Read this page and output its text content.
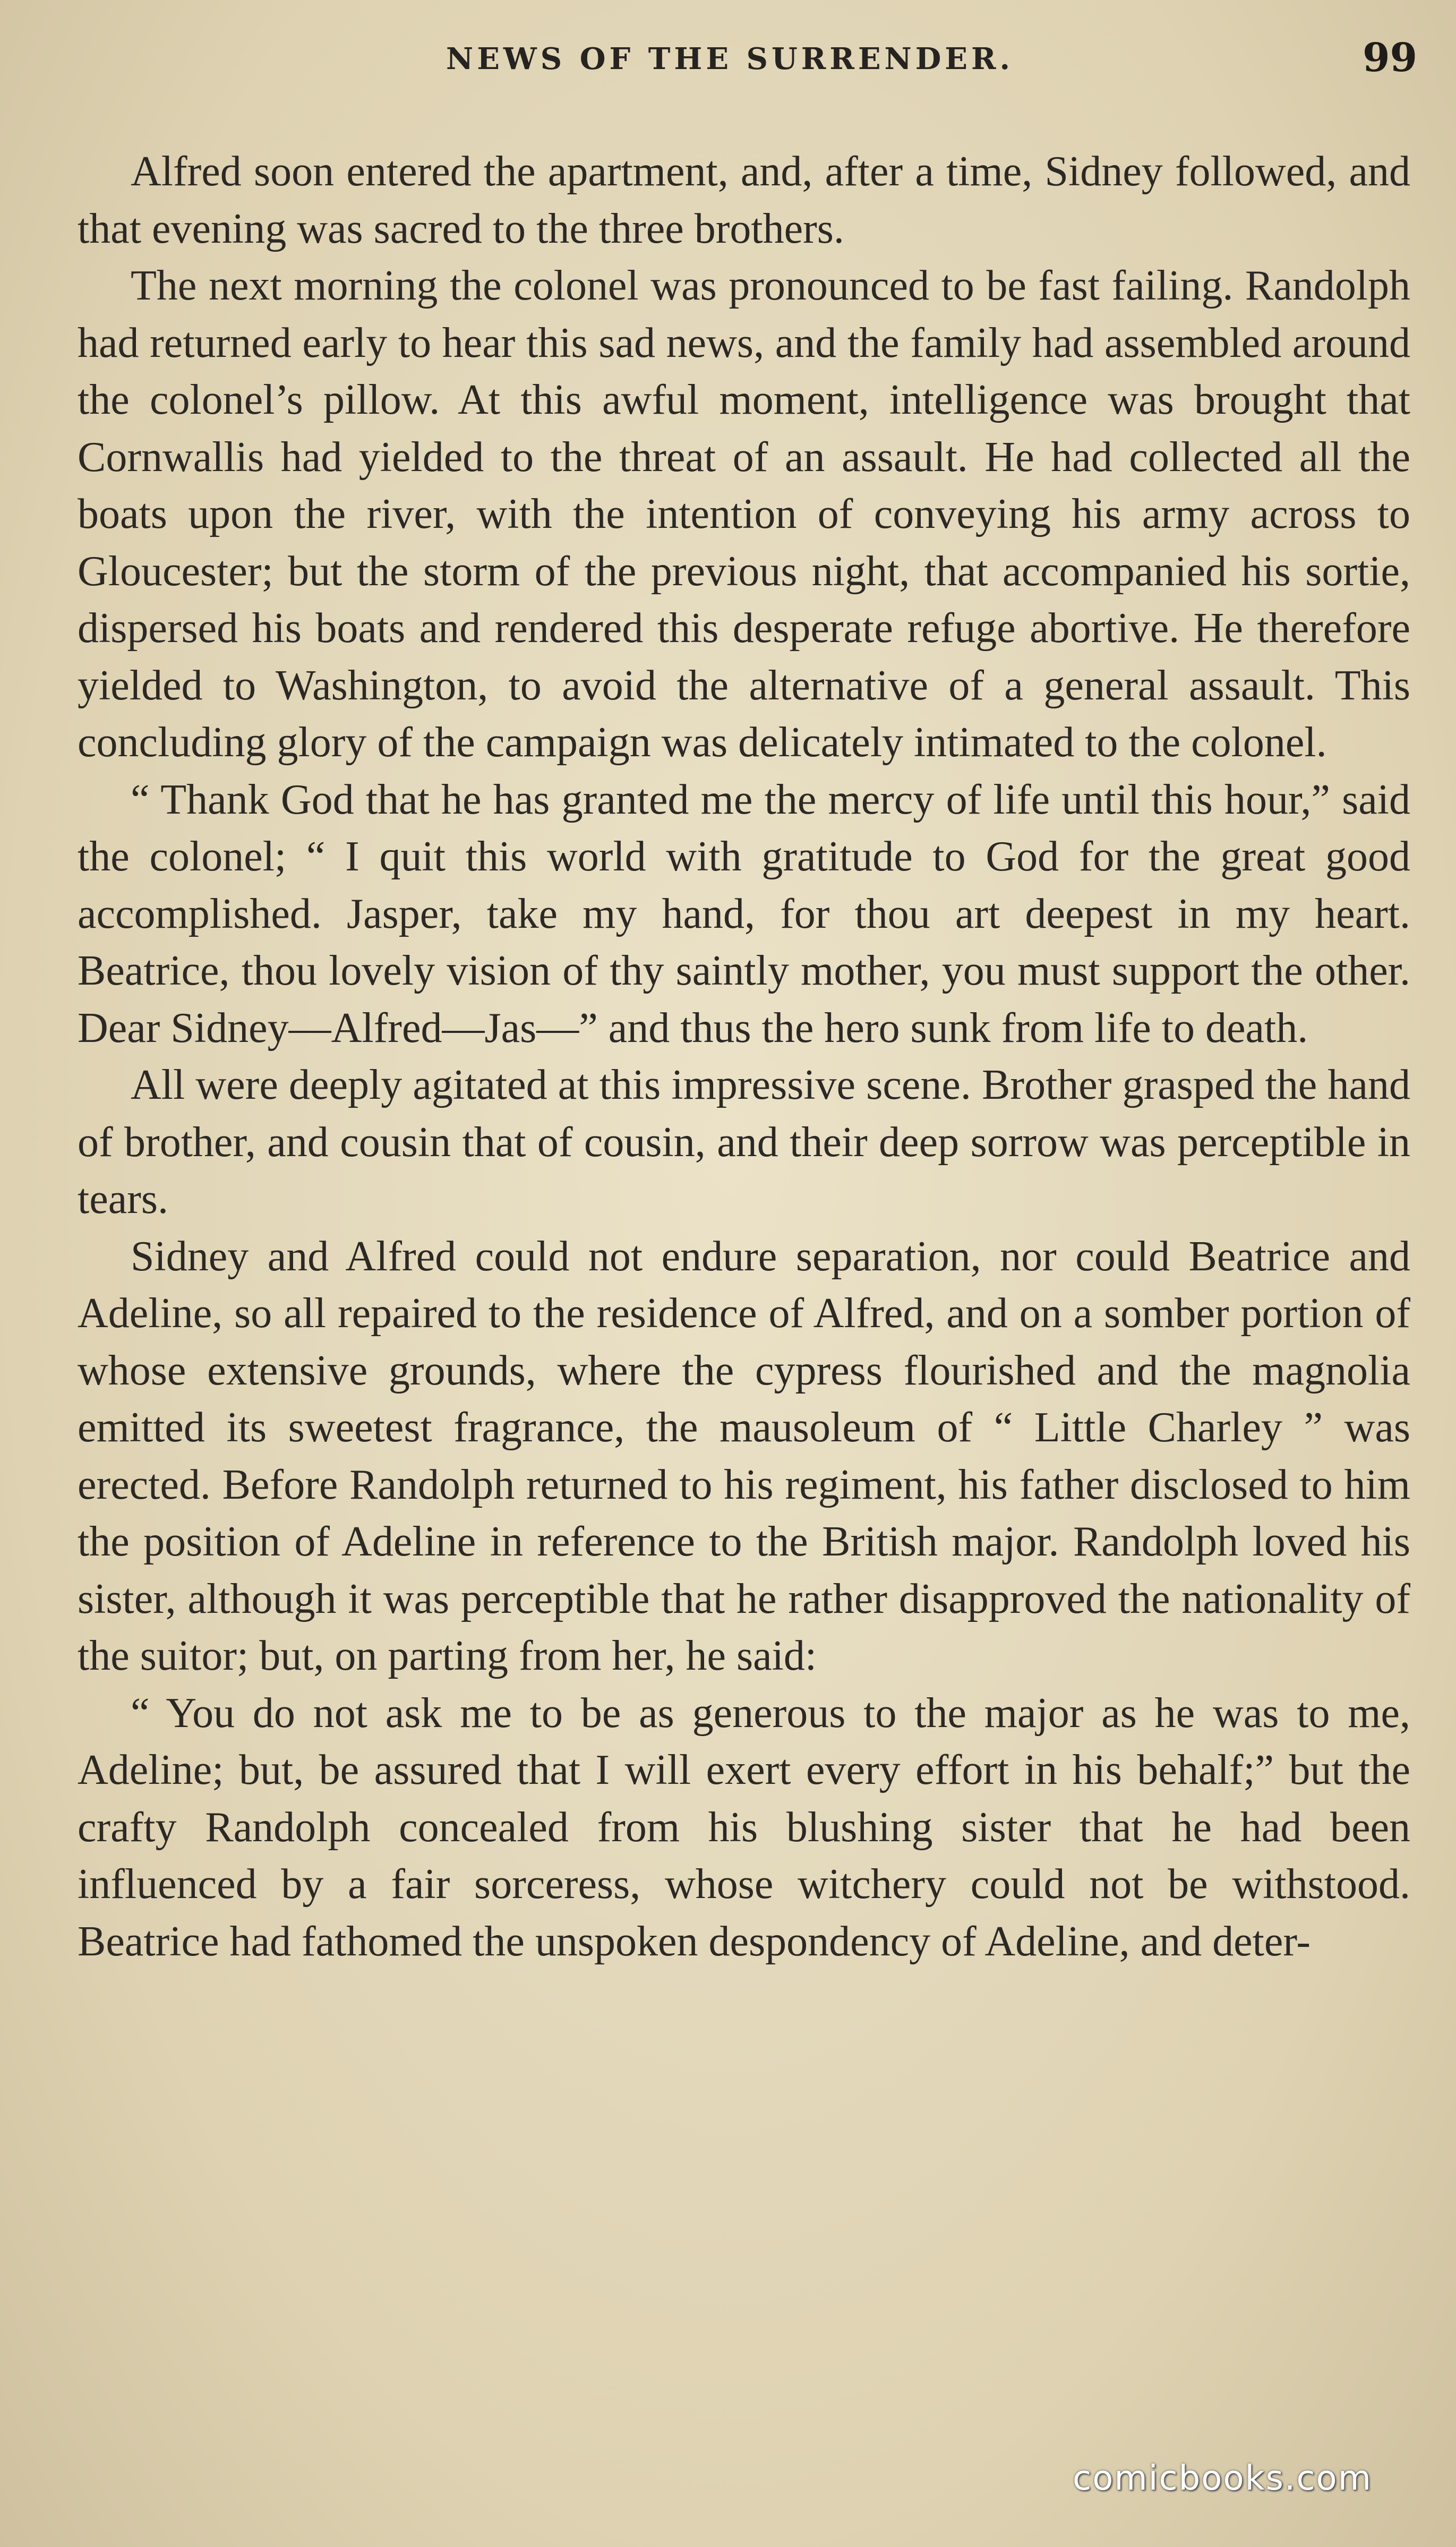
NEWS OF THE SURRENDER.	99

Alfred soon entered the apartment, and, after a time, Sidney followed, and that evening was sacred to the three brothers.

The next morning the colonel was pronounced to be fast failing. Randolph had returned early to hear this sad news, and the family had assembled around the colonel’s pillow. At this awful moment, intelligence was brought that Cornwallis had yielded to the threat of an assault. He had collected all the boats upon the river, with the intention of conveying his army across to Gloucester; but the storm of the previous night, that accompanied his sortie, dispersed his boats and rendered this desperate refuge abortive. He therefore yielded to Washington, to avoid the alternative of a general assault. This concluding glory of the campaign was delicately intimated to the colonel.

“ Thank God that he has granted me the mercy of life until this hour,” said the colonel; “ I quit this world with gratitude to God for the great good accomplished. Jasper, take my hand, for thou art deepest in my heart. Beatrice, thou lovely vision of thy saintly mother, you must support the other. Dear Sidney—Alfred—Jas—” and thus the hero sunk from life to death.

All were deeply agitated at this impressive scene. Brother grasped the hand of brother, and cousin that of cousin, and their deep sorrow was perceptible in tears.

Sidney and Alfred could not endure separation, nor could Beatrice and Adeline, so all repaired to the residence of Alfred, and on a somber portion of whose extensive grounds, where the cypress flourished and the magnolia emitted its sweetest fragrance, the mausoleum of “ Little Charley ” was erected. Before Randolph returned to his regiment, his father disclosed to him the position of Adeline in reference to the British major. Randolph loved his sister, although it was perceptible that he rather disapproved the nationality of the suitor; but, on parting from her, he said:

“ You do not ask me to be as generous to the major as he was to me, Adeline; but, be assured that I will exert every effort in his behalf;” but the crafty Randolph concealed from his blushing sister that he had been influenced by a fair sorceress, whose witchery could not be withstood. Beatrice had fathomed the unspoken despondency of Adeline, and deter-

comicbooks.com
